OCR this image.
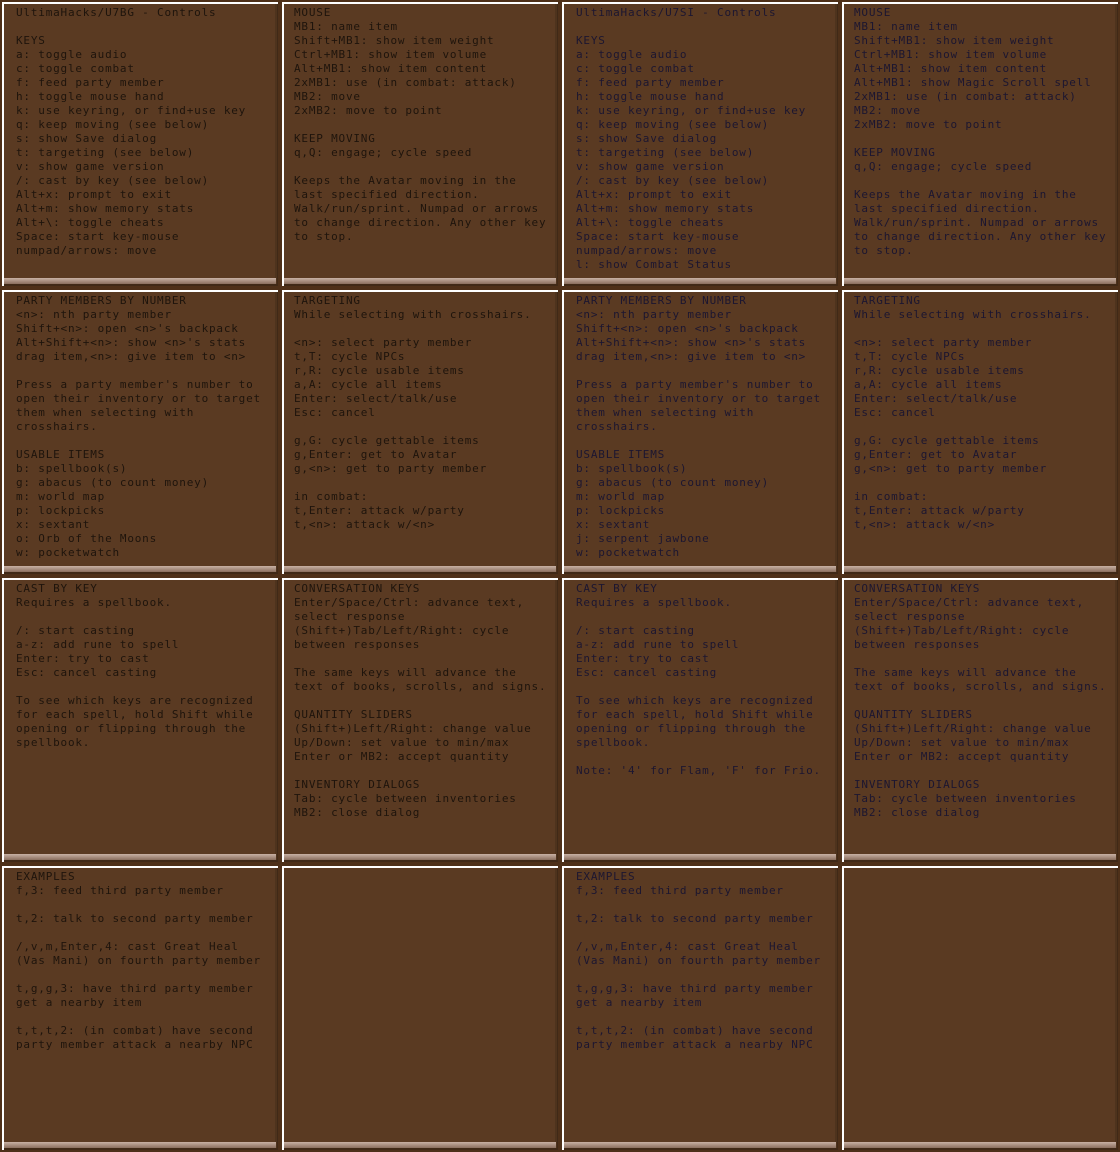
UltimaHacks/U7BG - Controls

KEYS
a: toggle audio
c: toggle combat
f: feed party member
h: toggle mouse hand
k: use keyring, or find+use key
q: keep moving (see below)
s: show Save dialog
t: targeting (see below)
v: show game version
/: cast by key (see below)
Alt+x: prompt to exit
Alt+m: show memory stats
Alt+\: toggle cheats
Space: start key-mouse
numpad/arrows: move
MOUSE
MB1: name item
Shift+MB1: show item weight
Ctrl+MB1: show item volume
Alt+MB1: show item content
2xMB1: use (in combat: attack)
MB2: move
2xMB2: move to point

KEEP MOVING
q,Q: engage; cycle speed

Keeps the Avatar moving in the last specified direction. Walk/run/sprint. Numpad or arrows to change direction. Any other key to stop.
UltimaHacks/U7SI - Controls

KEYS
a: toggle audio
c: toggle combat
f: feed party member
h: toggle mouse hand
k: use keyring, or find+use key
q: keep moving (see below)
s: show Save dialog
t: targeting (see below)
v: show game version
/: cast by key (see below)
Alt+x: prompt to exit
Alt+m: show memory stats
Alt+\: toggle cheats
Space: start key-mouse
numpad/arrows: move
l: show Combat Status
MOUSE
MB1: name item
Shift+MB1: show item weight
Ctrl+MB1: show item volume
Alt+MB1: show item content
Alt+MB1: show Magic Scroll spell
2xMB1: use (in combat: attack)
MB2: move
2xMB2: move to point

KEEP MOVING
q,Q: engage; cycle speed

Keeps the Avatar moving in the last specified direction. Walk/run/sprint. Numpad or arrows to change direction. Any other key to stop.
PARTY MEMBERS BY NUMBER
<n>: nth party member
Shift+<n>: open <n>'s backpack
Alt+Shift+<n>: show <n>'s stats
drag item,<n>: give item to <n>

Press a party member's number to open their inventory or to target them when selecting with crosshairs.

USABLE ITEMS
b: spellbook(s)
g: abacus (to count money)
m: world map
p: lockpicks
x: sextant
o: Orb of the Moons
w: pocketwatch
TARGETING
While selecting with crosshairs.

<n>: select party member
t,T: cycle NPCs
r,R: cycle usable items
a,A: cycle all items
Enter: select/talk/use
Esc: cancel

g,G: cycle gettable items
g,Enter: get to Avatar
g,<n>: get to party member

in combat:
t,Enter: attack w/party
t,<n>: attack w/<n>
PARTY MEMBERS BY NUMBER
<n>: nth party member
Shift+<n>: open <n>'s backpack
Alt+Shift+<n>: show <n>'s stats
drag item,<n>: give item to <n>

Press a party member's number to open their inventory or to target them when selecting with crosshairs.

USABLE ITEMS
b: spellbook(s)
g: abacus (to count money)
m: world map
p: lockpicks
x: sextant
j: serpent jawbone
w: pocketwatch
TARGETING
While selecting with crosshairs.

<n>: select party member
t,T: cycle NPCs
r,R: cycle usable items
a,A: cycle all items
Enter: select/talk/use
Esc: cancel

g,G: cycle gettable items
g,Enter: get to Avatar
g,<n>: get to party member

in combat:
t,Enter: attack w/party
t,<n>: attack w/<n>
CAST BY KEY
Requires a spellbook.

/: start casting
a-z: add rune to spell
Enter: try to cast
Esc: cancel casting

To see which keys are recognized for each spell, hold Shift while opening or flipping through the spellbook.
CONVERSATION KEYS
Enter/Space/Ctrl: advance text, select response
(Shift+)Tab/Left/Right: cycle between responses

The same keys will advance the text of books, scrolls, and signs.

QUANTITY SLIDERS
(Shift+)Left/Right: change value
Up/Down: set value to min/max
Enter or MB2: accept quantity

INVENTORY DIALOGS
Tab: cycle between inventories
MB2: close dialog
CAST BY KEY
Requires a spellbook.

/: start casting
a-z: add rune to spell
Enter: try to cast
Esc: cancel casting

To see which keys are recognized for each spell, hold Shift while opening or flipping through the spellbook.

Note: '4' for Flam, 'F' for Frio.
CONVERSATION KEYS
Enter/Space/Ctrl: advance text, select response
(Shift+)Tab/Left/Right: cycle between responses

The same keys will advance the text of books, scrolls, and signs.

QUANTITY SLIDERS
(Shift+)Left/Right: change value
Up/Down: set value to min/max
Enter or MB2: accept quantity

INVENTORY DIALOGS
Tab: cycle between inventories
MB2: close dialog
EXAMPLES
f,3: feed third party member

t,2: talk to second party member

/,v,m,Enter,4: cast Great Heal (Vas Mani) on fourth party member

t,g,g,3: have third party member get a nearby item

t,t,t,2: (in combat) have second party member attack a nearby NPC
EXAMPLES
f,3: feed third party member

t,2: talk to second party member

/,v,m,Enter,4: cast Great Heal (Vas Mani) on fourth party member

t,g,g,3: have third party member get a nearby item

t,t,t,2: (in combat) have second party member attack a nearby NPC
